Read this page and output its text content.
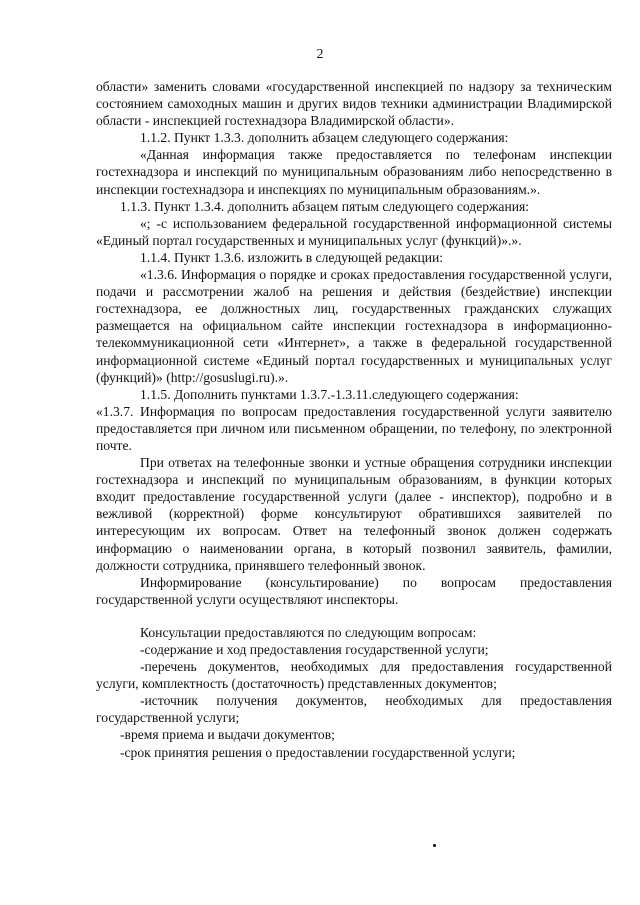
2

области» заменить словами «государственной инспекцией по надзору за техническим состоянием самоходных машин и других видов техники администрации Владимирской области - инспекцией гостехнадзора Владимирской области».

1.1.2. Пункт 1.3.3. дополнить абзацем следующего содержания:

«Данная информация также предоставляется по телефонам инспекции гостехнадзора и инспекций по муниципальным образованиям либо непосредственно в инспекции гостехнадзора и инспекциях по муниципальным образованиям.».

1.1.3. Пункт 1.3.4. дополнить абзацем пятым следующего содержания:

«; -с использованием федеральной государственной информационной системы «Единый портал государственных и муниципальных услуг (функций)».».

1.1.4. Пункт 1.3.6. изложить в следующей редакции:

«1.3.6. Информация о порядке и сроках предоставления государственной услуги, подачи и рассмотрении жалоб на решения и действия (бездействие) инспекции гостехнадзора, ее должностных лиц, государственных гражданских служащих размещается на официальном сайте инспекции гостехнадзора в информационно-телекоммуникационной сети «Интернет», а также в федеральной государственной информационной системе «Единый портал государственных и муниципальных услуг (функций)» (http://gosuslugi.ru).».

1.1.5. Дополнить пунктами 1.3.7.-1.3.11.следующего содержания:

«1.3.7. Информация по вопросам предоставления государственной услуги заявителю предоставляется при личном или письменном обращении, по телефону, по электронной почте.

При ответах на телефонные звонки и устные обращения сотрудники инспекции гостехнадзора и инспекций по муниципальным образованиям, в функции которых входит предоставление государственной услуги (далее - инспектор), подробно и в вежливой (корректной) форме консультируют обратившихся заявителей по интересующим их вопросам. Ответ на телефонный звонок должен содержать информацию о наименовании органа, в который позвонил заявитель, фамилии, должности сотрудника, принявшего телефонный звонок.

Информирование (консультирование) по вопросам предоставления государственной услуги осуществляют инспекторы.

Консультации предоставляются по следующим вопросам:

-содержание и ход предоставления государственной услуги;

-перечень документов, необходимых для предоставления государственной услуги, комплектность (достаточность) представленных документов;

-источник получения документов, необходимых для предоставления государственной услуги;

-время приема и выдачи документов;

-срок принятия решения о предоставлении государственной услуги;
